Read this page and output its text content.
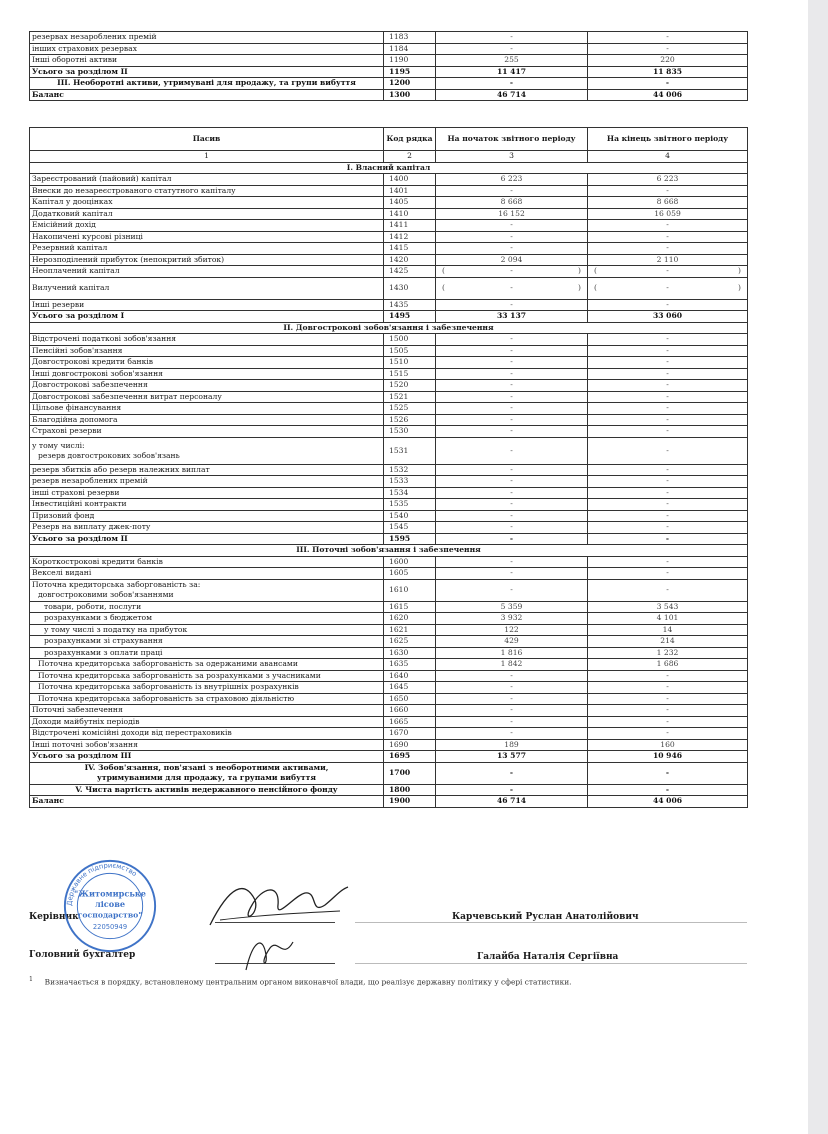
резервах незароблених премій	1183	-	-
інших страхових резервах	1184	-	-
Інші оборотні активи	1190	255	220
Усього за розділом II	1195	11 417	11 835
III. Необоротні активи, утримувані для продажу, та групи вибуття	1200	-	-
Баланс	1300	46 714	44 006
Пасив	Код рядка	На початок звітного періоду	На кінець звітного періоду
1	2	3	4
I. Власний капітал			
Зареєстрований (пайовий) капітал	1400	6 223	6 223
Внески до незареєстрованого статутного капіталу	1401	-	-
Капітал у дооцінках	1405	8 668	8 668
Додатковий капітал	1410	16 152	16 059
Емісійний дохід	1411	-	-
Накопичені курсові різниці	1412	-	-
Резервний капітал	1415	-	-
Нерозподілений прибуток (непокритий збиток)	1420	2 094	2 110
Неоплачений капітал	1425	( - )	( - )

Вилучений капітал	1430	( - )	( - )

Інші резерви	1435	-	-
Усього за розділом I	1495	33 137	33 060
II. Довгострокові зобов'язання і забезпечення			
Відстрочені податкові зобов'язання	1500	-	-
Пенсійні зобов'язання	1505	-	-
Довгострокові кредити банків	1510	-	-
Інші довгострокові зобов'язання	1515	-	-
Довгострокові забезпечення	1520	-	-
Довгострокові забезпечення витрат персоналу	1521	-	-
Цільове фінансування	1525	-	-
Благодійна допомога	1526	-	-
Страхові резерви	1530	-	-
у тому числі:
резерв довгострокових зобов'язань	1531	-	-
резерв збитків або резерв належних виплат	1532	-	-
резерв незароблених премій	1533	-	-
інші страхові резерви	1534	-	-
Інвестиційні контракти	1535	-	-
Призовий фонд	1540	-	-
Резерв на виплату джек-поту	1545	-	-
Усього за розділом II	1595	-	-
III. Поточні зобов'язання і забезпечення			
Короткострокові кредити банків	1600	-	-
Векселі видані	1605	-	-
Поточна кредиторська заборгованість за:
довгостроковими зобов'язаннями	1610	-	-
товари, роботи, послуги	1615	5 359	3 543
розрахунками з бюджетом	1620	3 932	4 101
у тому числі з податку на прибуток	1621	122	14
розрахунками зі страхування	1625	429	214
розрахунками з оплати праці	1630	1 816	1 232
Поточна кредиторська заборгованість за одержаними авансами	1635	1 842	1 686
Поточна кредиторська заборгованість за розрахунками з учасниками	1640	-	-
Поточна кредиторська заборгованість із внутрішніх розрахунків	1645	-	-
Поточна кредиторська заборгованість за страховою діяльністю	1650	-	-
Поточні забезпечення	1660	-	-
Доходи майбутніх періодів	1665	-	-
Відстрочені комісійні доходи від перестраховиків	1670	-	-
Інші поточні зобов'язання	1690	189	160
Усього за розділом III	1695	13 577	10 946
IV. Зобов'язання, пов'язані з необоротними активами,
утримуваними для продажу, та групами вибуття	1700	-	-
V. Чиста вартість активів недержавного пенсійного фонду	1800	-	-
Баланс	1900	46 714	44 006
Керівник	Карчевський Руслан Анатолійович
Головний бухгалтер	Галайба Наталія Сергіївна
$^1$ Визначається в порядку, встановленому центральним органом виконавчої влади, що реалізує державну політику у сфері статистики.
Державне підприємство
"Житомирське
лісове
господарство"
22050949
